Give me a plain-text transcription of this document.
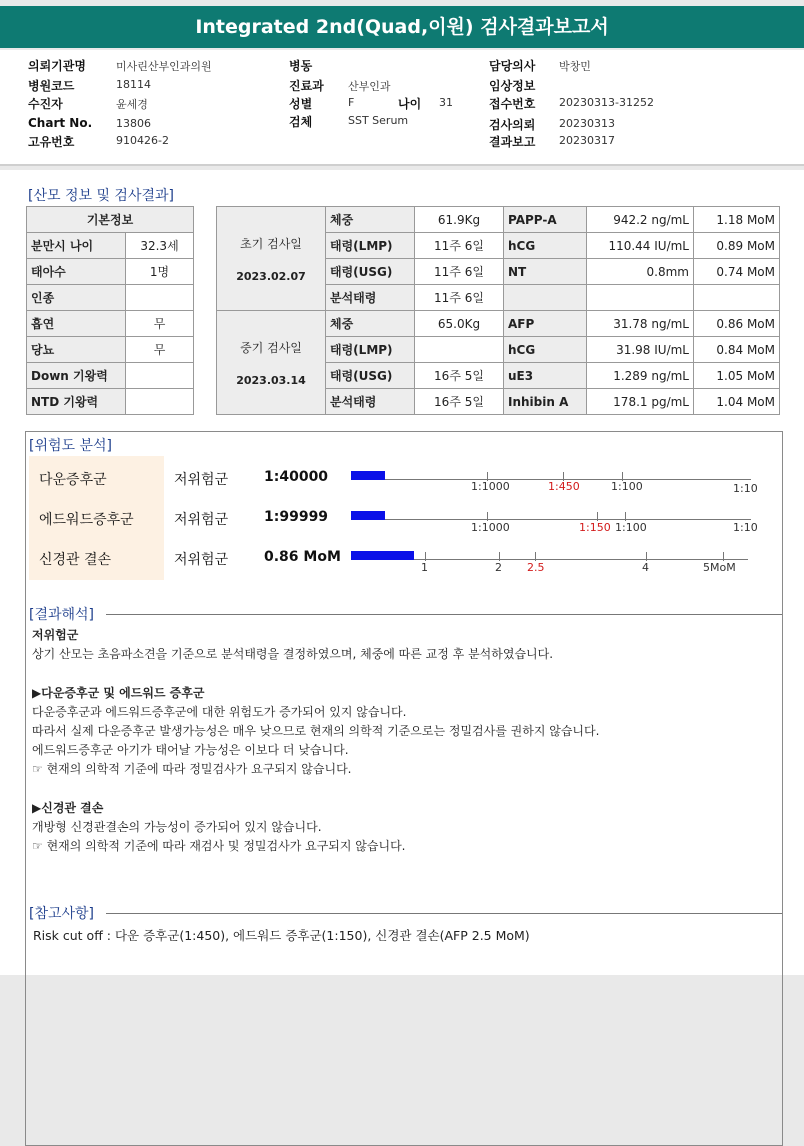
Integrated 2nd(Quad,이원) 검사결과보고서
의뢰기관명	미사린산부인과의원
병원코드	18114
수진자	윤세경
Chart No. 13806
고유번호	910426-2
병동
진료과 산부인과
성별	F	나이 31
검체	SST Serum
담당의사 박창민
임상정보
접수번호 20230313-31252
검사의뢰 20230313
결과보고 20230317
[산모 정보 및 검사결과]
기본정보	
분만시 나이	32.3세
태아수	1명
인종	
흡연	무
당뇨	무
Down 기왕력	
NTD 기왕력	
초기 검사일
2023.02.07	체중	61.9Kg	PAPP-A	942.2 ng/mL	1.18 MoM
	태령(LMP)	11주 6일	hCG	110.44 IU/mL	0.89 MoM
	태령(USG)	11주 6일	NT	0.8mm	0.74 MoM
	분석태령	11주 6일			

중기 검사일
2023.03.14	체중	65.0Kg	AFP	31.78 ng/mL	0.86 MoM
	태령(LMP)		hCG	31.98 IU/mL	0.84 MoM
	태령(USG)	16주 5일	uE3	1.289 ng/mL	1.05 MoM
	분석태령	16주 5일	Inhibin A	178.1 pg/mL	1.04 MoM
[위험도 분석]
다운증후군	저위험군	1:40000
1:1000	1:450	1:100	1:10
에드워드증후군	저위험군	1:99999
1:1000	1:150 1:100	1:10
신경관 결손	저위험군	0.86 MoM
1	2 2.5	4	5MoM
[결과해석]
저위험군
상기 산모는 초음파소견을 기준으로 분석태령을 결정하였으며, 체중에 따른 교정 후 분석하였습니다.
▶다운증후군 및 에드워드 증후군
다운증후군과 에드워드증후군에 대한 위험도가 증가되어 있지 않습니다.
따라서 실제 다운증후군 발생가능성은 매우 낮으므로 현재의 의학적 기준으로는 정밀검사를 권하지 않습니다.
에드워드증후군 아기가 태어날 가능성은 이보다 더 낮습니다.
☞ 현재의 의학적 기준에 따라 정밀검사가 요구되지 않습니다.
▶신경관 결손
개방형 신경관결손의 가능성이 증가되어 있지 않습니다.
☞ 현재의 의학적 기준에 따라 재검사 및 정밀검사가 요구되지 않습니다.
[참고사항]
Risk cut off : 다운 증후군(1:450), 에드워드 증후군(1:150), 신경관 결손(AFP 2.5 MoM)
